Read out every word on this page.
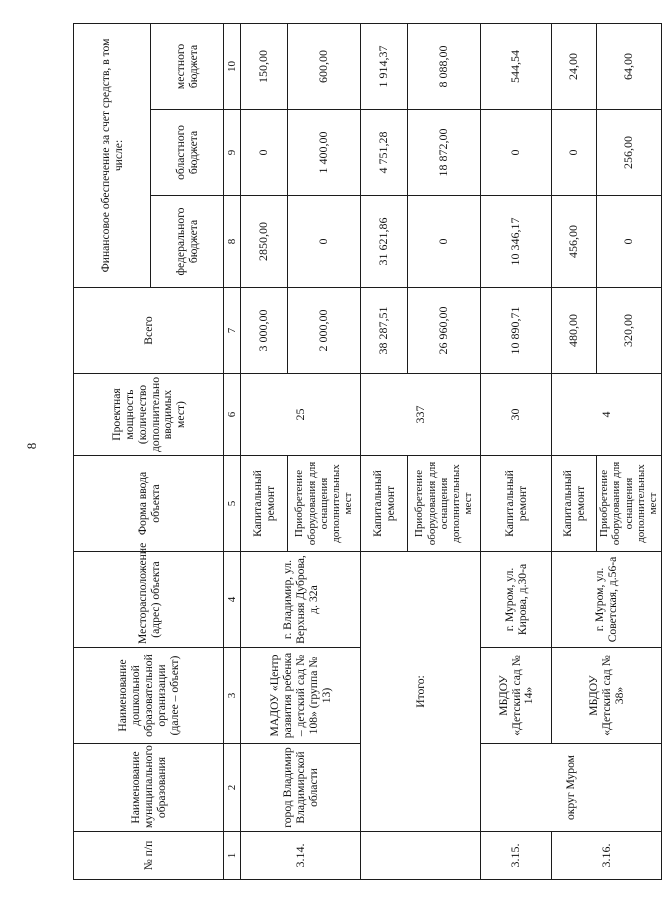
8
№ п/п	Наименование муниципального образования	Наименование дошкольной образовательной организации (далее – объект)	Месторасположение (адрес) объекта	Форма ввода объекта	Проектная мощность (количество дополнительно вводимых мест)	Всего	Финансовое обеспечение за счет средств, в том числе:		
							федерального бюджета	областного бюджета	местного бюджета
1	2	3	4	5	6	7	8	9	10
3.14.	город Владимир Владимирской области	МАДОУ «Центр развития ребенка – детский сад № 108» (группа № 13)	г. Владимир, ул. Верхняя Дуброва, д. 32а	Капитальный ремонт	25	3 000,00	2850,00	0	150,00
				Приобретение оборудования для оснащения дополнительных мест		2 000,00	0	1 400,00	600,00
	Итого:			Капитальный ремонт	337	38 287,51	31 621,86	4 751,28	1 914,37
				Приобретение оборудования для оснащения дополнительных мест		26 960,00	0	18 872,00	8 088,00
3.15.	округ Муром	МБДОУ «Детский сад № 14»	г. Муром, ул. Кирова, д.30-а	Капитальный ремонт	30	10 890,71	10 346,17	0	544,54
3.16.		МБДОУ «Детский сад № 38»	г. Муром, ул. Советская, д.56-а	Капитальный ремонт	4	480,00	456,00	0	24,00
				Приобретение оборудования для оснащения дополнительных мест		320,00	0	256,00	64,00
